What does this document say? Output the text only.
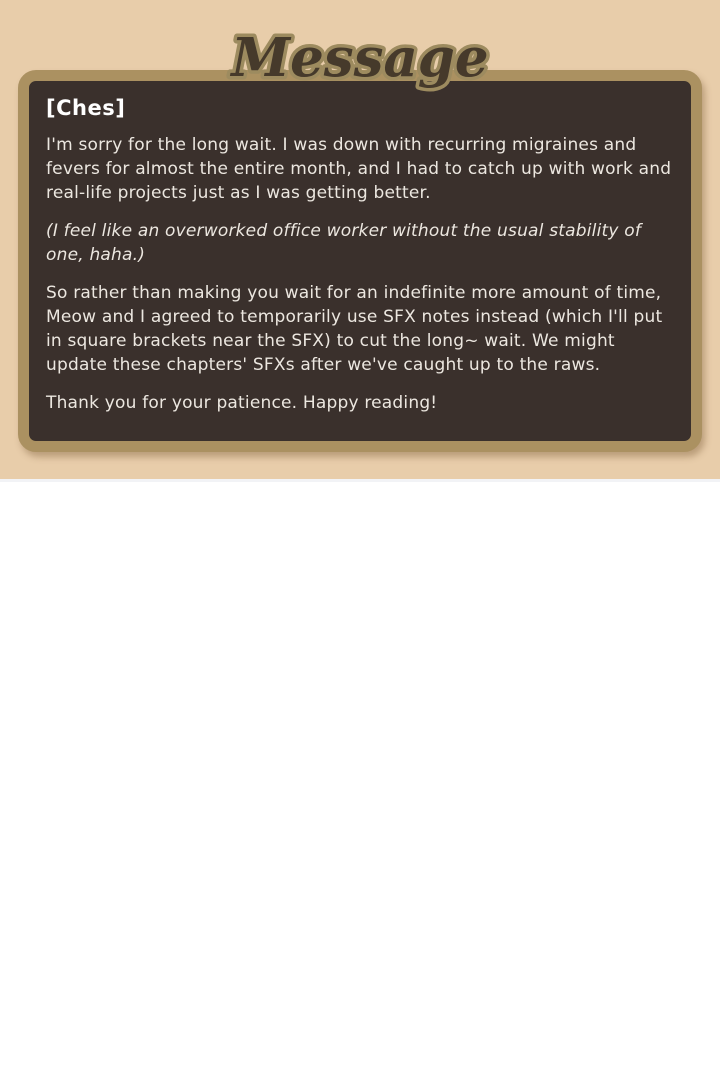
[Ches]

I'm sorry for the long wait. I was down with recurring migraines and fevers for almost the entire month, and I had to catch up with work and real-life projects just as I was getting better.

(I feel like an overworked office worker without the usual stability of one, haha.)

So rather than making you wait for an indefinite more amount of time, Meow and I agreed to temporarily use SFX notes instead (which I'll put in square brackets near the SFX) to cut the long~ wait. We might update these chapters' SFXs after we've caught up to the raws.

Thank you for your patience. Happy reading!

Message
